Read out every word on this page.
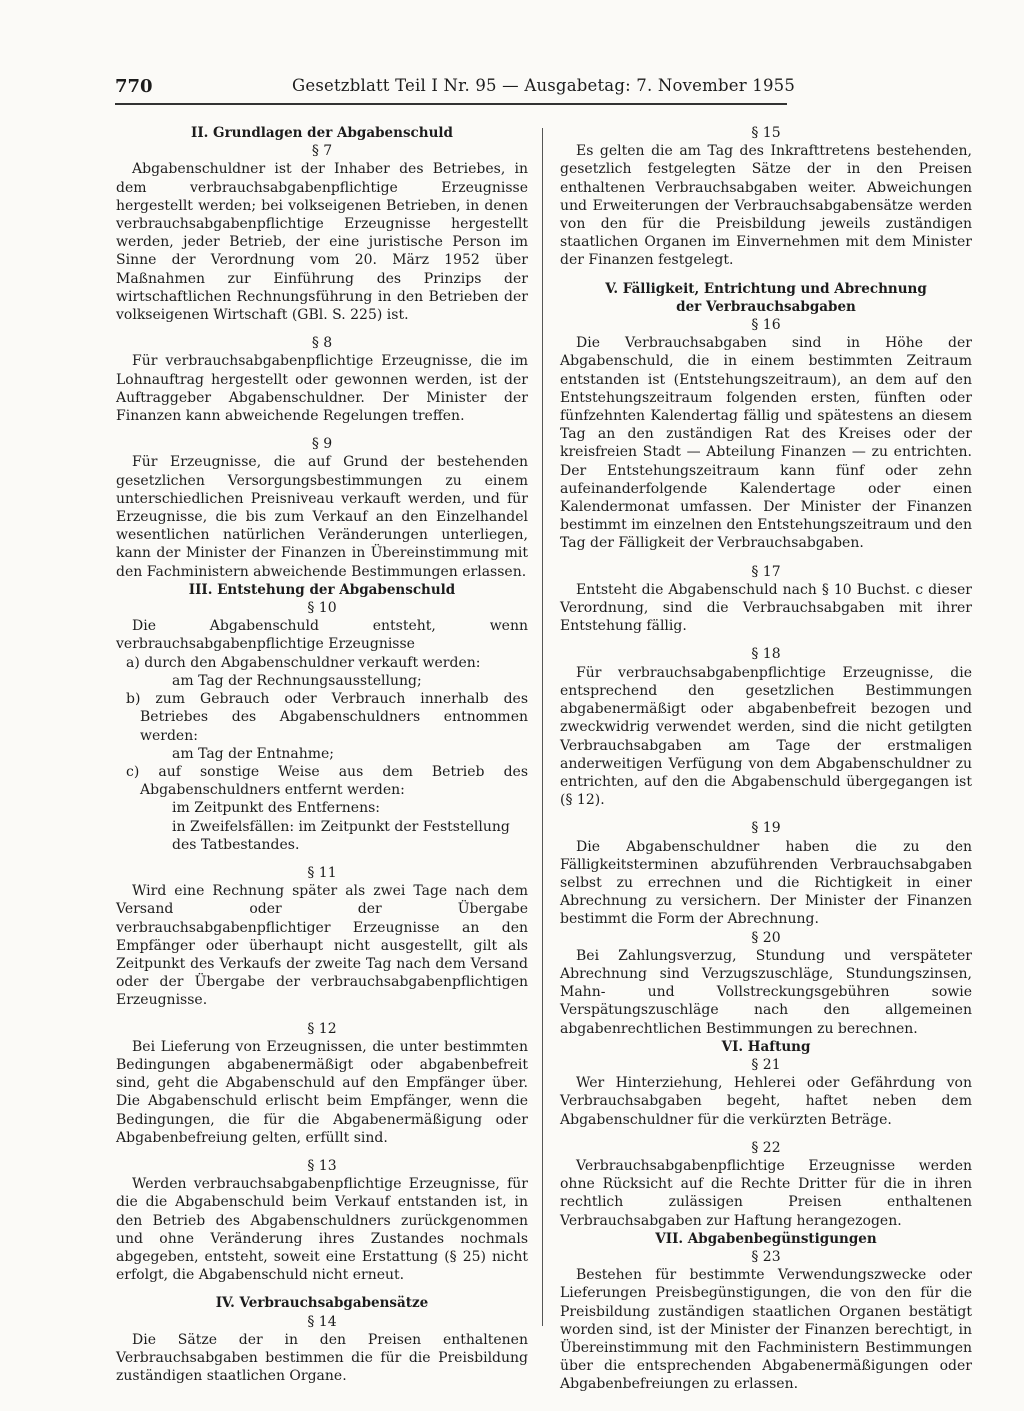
770	Gesetzblatt Teil I Nr. 95 — Ausgabetag: 7. November 1955

II. Grundlagen der Abgabenschuld

§ 7

Abgabenschuldner ist der Inhaber des Betriebes, in dem verbrauchsabgabenpflichtige Erzeugnisse hergestellt werden; bei volkseigenen Betrieben, in denen verbrauchsabgabenpflichtige Erzeugnisse hergestellt werden, jeder Betrieb, der eine juristische Person im Sinne der Verordnung vom 20. März 1952 über Maßnahmen zur Einführung des Prinzips der wirtschaftlichen Rechnungsführung in den Betrieben der volkseigenen Wirtschaft (GBl. S. 225) ist.

§ 8

Für verbrauchsabgabenpflichtige Erzeugnisse, die im Lohnauftrag hergestellt oder gewonnen werden, ist der Auftraggeber Abgabenschuldner. Der Minister der Finanzen kann abweichende Regelungen treffen.

§ 9

Für Erzeugnisse, die auf Grund der bestehenden gesetzlichen Versorgungsbestimmungen zu einem unterschiedlichen Preisniveau verkauft werden, und für Erzeugnisse, die bis zum Verkauf an den Einzelhandel wesentlichen natürlichen Veränderungen unterliegen, kann der Minister der Finanzen in Übereinstimmung mit den Fachministern abweichende Bestimmungen erlassen.

III. Entstehung der Abgabenschuld

§ 10

Die Abgabenschuld entsteht, wenn verbrauchsabgabenpflichtige Erzeugnisse

a) durch den Abgabenschuldner verkauft werden:

am Tag der Rechnungsausstellung;

b) zum Gebrauch oder Verbrauch innerhalb des Betriebes des Abgabenschuldners entnommen werden:

am Tag der Entnahme;

c) auf sonstige Weise aus dem Betrieb des Abgabenschuldners entfernt werden:

im Zeitpunkt des Entfernens:

in Zweifelsfällen: im Zeitpunkt der Feststellung des Tatbestandes.

§ 11

Wird eine Rechnung später als zwei Tage nach dem Versand oder der Übergabe verbrauchsabgabenpflichtiger Erzeugnisse an den Empfänger oder überhaupt nicht ausgestellt, gilt als Zeitpunkt des Verkaufs der zweite Tag nach dem Versand oder der Übergabe der verbrauchsabgabenpflichtigen Erzeugnisse.

§ 12

Bei Lieferung von Erzeugnissen, die unter bestimmten Bedingungen abgabenermäßigt oder abgabenbefreit sind, geht die Abgabenschuld auf den Empfänger über. Die Abgabenschuld erlischt beim Empfänger, wenn die Bedingungen, die für die Abgabenermäßigung oder Abgabenbefreiung gelten, erfüllt sind.

§ 13

Werden verbrauchsabgabenpflichtige Erzeugnisse, für die die Abgabenschuld beim Verkauf entstanden ist, in den Betrieb des Abgabenschuldners zurückgenommen und ohne Veränderung ihres Zustandes nochmals abgegeben, entsteht, soweit eine Erstattung (§ 25) nicht erfolgt, die Abgabenschuld nicht erneut.

IV. Verbrauchsabgabensätze

§ 14

Die Sätze der in den Preisen enthaltenen Verbrauchsabgaben bestimmen die für die Preisbildung zuständigen staatlichen Organe.

§ 15

Es gelten die am Tag des Inkrafttretens bestehenden, gesetzlich festgelegten Sätze der in den Preisen enthaltenen Verbrauchsabgaben weiter. Abweichungen und Erweiterungen der Verbrauchsabgabensätze werden von den für die Preisbildung jeweils zuständigen staatlichen Organen im Einvernehmen mit dem Minister der Finanzen festgelegt.

V. Fälligkeit, Entrichtung und Abrechnung

der Verbrauchsabgaben

§ 16

Die Verbrauchsabgaben sind in Höhe der Abgabenschuld, die in einem bestimmten Zeitraum entstanden ist (Entstehungszeitraum), an dem auf den Entstehungszeitraum folgenden ersten, fünften oder fünfzehnten Kalendertag fällig und spätestens an diesem Tag an den zuständigen Rat des Kreises oder der kreisfreien Stadt — Abteilung Finanzen — zu entrichten. Der Entstehungszeitraum kann fünf oder zehn aufeinanderfolgende Kalendertage oder einen Kalendermonat umfassen. Der Minister der Finanzen bestimmt im einzelnen den Entstehungszeitraum und den Tag der Fälligkeit der Verbrauchsabgaben.

§ 17

Entsteht die Abgabenschuld nach § 10 Buchst. c dieser Verordnung, sind die Verbrauchsabgaben mit ihrer Entstehung fällig.

§ 18

Für verbrauchsabgabenpflichtige Erzeugnisse, die entsprechend den gesetzlichen Bestimmungen abgabenermäßigt oder abgabenbefreit bezogen und zweckwidrig verwendet werden, sind die nicht getilgten Verbrauchsabgaben am Tage der erstmaligen anderweitigen Verfügung von dem Abgabenschuldner zu entrichten, auf den die Abgabenschuld übergegangen ist (§ 12).

§ 19

Die Abgabenschuldner haben die zu den Fälligkeitsterminen abzuführenden Verbrauchsabgaben selbst zu errechnen und die Richtigkeit in einer Abrechnung zu versichern. Der Minister der Finanzen bestimmt die Form der Abrechnung.

§ 20

Bei Zahlungsverzug, Stundung und verspäteter Abrechnung sind Verzugszuschläge, Stundungszinsen, Mahn- und Vollstreckungsgebühren sowie Verspätungszuschläge nach den allgemeinen abgabenrechtlichen Bestimmungen zu berechnen.

VI. Haftung

§ 21

Wer Hinterziehung, Hehlerei oder Gefährdung von Verbrauchsabgaben begeht, haftet neben dem Abgabenschuldner für die verkürzten Beträge.

§ 22

Verbrauchsabgabenpflichtige Erzeugnisse werden ohne Rücksicht auf die Rechte Dritter für die in ihren rechtlich zulässigen Preisen enthaltenen Verbrauchsabgaben zur Haftung herangezogen.

VII. Abgabenbegünstigungen

§ 23

Bestehen für bestimmte Verwendungszwecke oder Lieferungen Preisbegünstigungen, die von den für die Preisbildung zuständigen staatlichen Organen bestätigt worden sind, ist der Minister der Finanzen berechtigt, in Übereinstimmung mit den Fachministern Bestimmungen über die entsprechenden Abgabenermäßigungen oder Abgabenbefreiungen zu erlassen.
